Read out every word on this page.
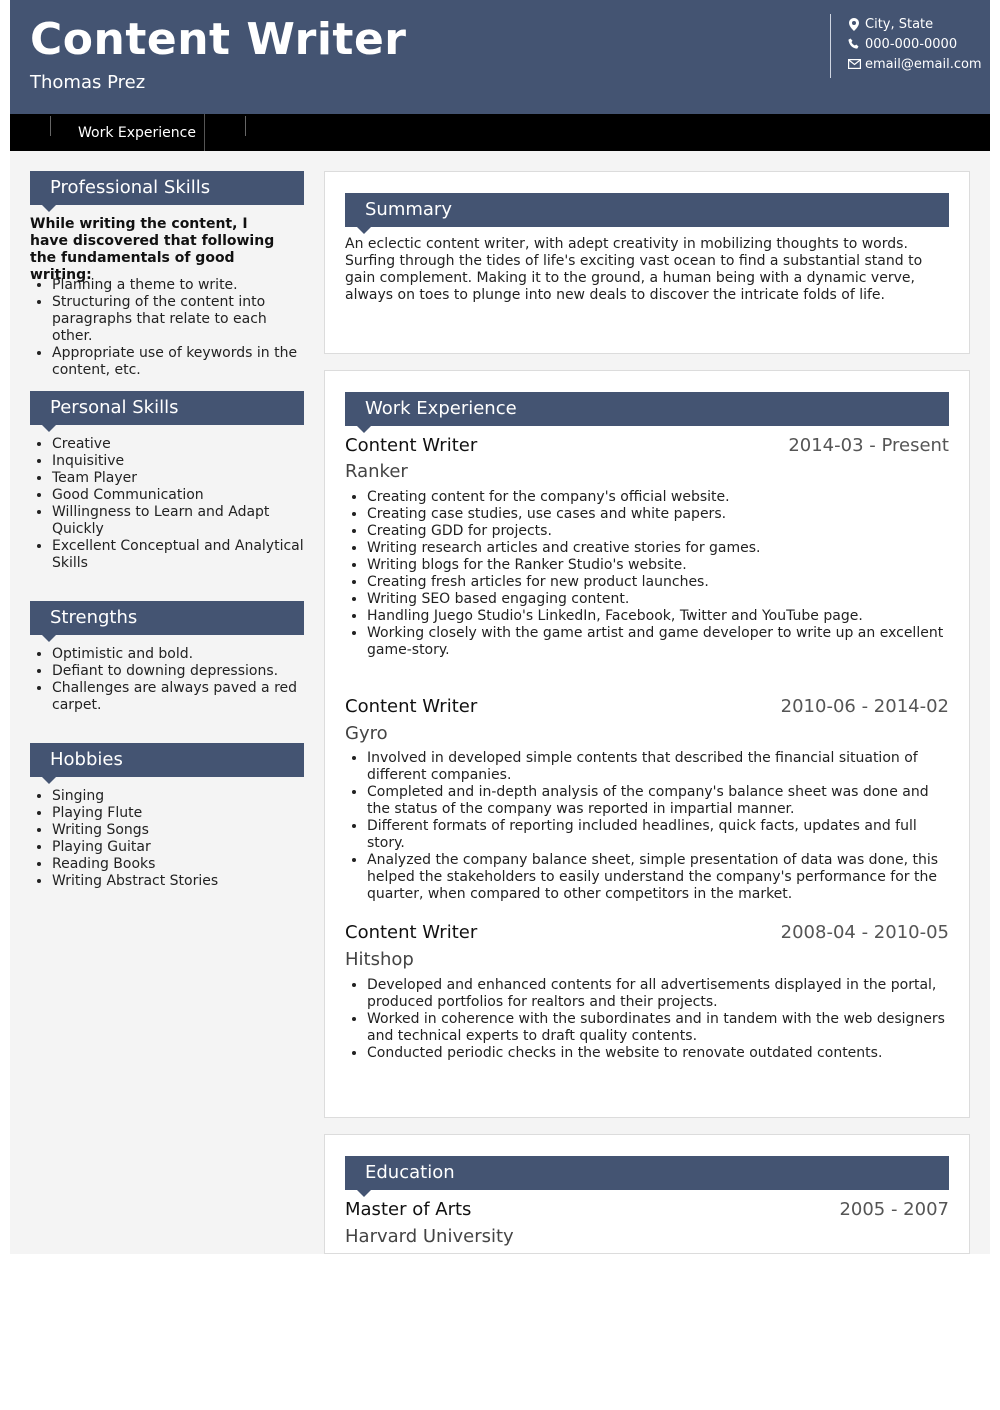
Content Writer
Thomas Prez
City, State
000-000-0000
email@email.com
Work Experience
Professional Skills
While writing the content, I have discovered that following the fundamentals of good writing:
• Planning a theme to write.
• Structuring of the content into paragraphs that relate to each other.
• Appropriate use of keywords in the content, etc.
Personal Skills
• Creative
• Inquisitive
• Team Player
• Good Communication
• Willingness to Learn and Adapt Quickly
• Excellent Conceptual and Analytical Skills
Strengths
• Optimistic and bold.
• Defiant to downing depressions.
• Challenges are always paved a red carpet.
Hobbies
• Singing
• Playing Flute
• Writing Songs
• Playing Guitar
• Reading Books
• Writing Abstract Stories
Summary
An eclectic content writer, with adept creativity in mobilizing thoughts to words. Surfing through the tides of life's exciting vast ocean to find a substantial stand to gain complement. Making it to the ground, a human being with a dynamic verve, always on toes to plunge into new deals to discover the intricate folds of life.
Work Experience
Content Writer	2014-03 - Present
Ranker
• Creating content for the company's official website.
• Creating case studies, use cases and white papers.
• Creating GDD for projects.
• Writing research articles and creative stories for games.
• Writing blogs for the Ranker Studio's website.
• Creating fresh articles for new product launches.
• Writing SEO based engaging content.
• Handling Juego Studio's LinkedIn, Facebook, Twitter and YouTube page.
• Working closely with the game artist and game developer to write up an excellent game-story.
Content Writer	2010-06 - 2014-02
Gyro
• Involved in developed simple contents that described the financial situation of different companies.
• Completed and in-depth analysis of the company's balance sheet was done and the status of the company was reported in impartial manner.
• Different formats of reporting included headlines, quick facts, updates and full story.
• Analyzed the company balance sheet, simple presentation of data was done, this helped the stakeholders to easily understand the company's performance for the quarter, when compared to other competitors in the market.
Content Writer	2008-04 - 2010-05
Hitshop
• Developed and enhanced contents for all advertisements displayed in the portal, produced portfolios for realtors and their projects.
• Worked in coherence with the subordinates and in tandem with the web designers and technical experts to draft quality contents.
• Conducted periodic checks in the website to renovate outdated contents.
Education
Master of Arts	2005 - 2007
Harvard University
